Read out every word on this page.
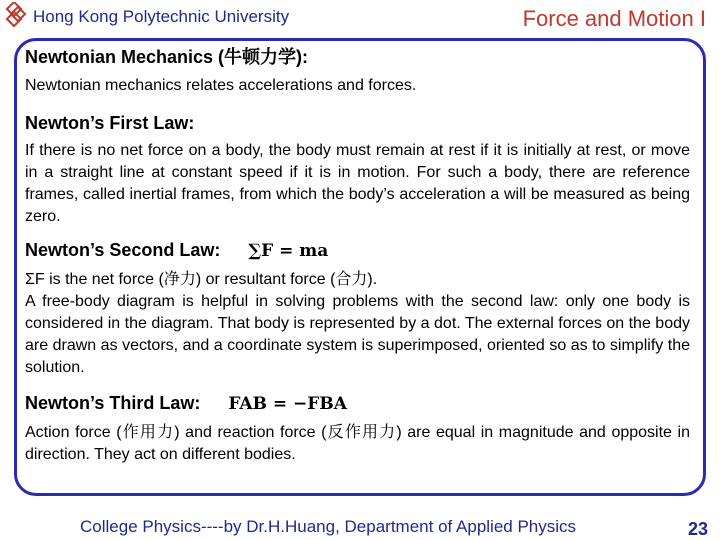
Hong Kong Polytechnic University	Force and Motion I

Newtonian Mechanics (牛顿力学):

Newtonian mechanics relates accelerations and forces.

Newton’s First Law:

If there is no net force on a body, the body must remain at rest if it is initially at rest, or move in a straight line at constant speed if it is in motion. For such a body, there are reference frames, called inertial frames, from which the body’s acceleration a will be measured as being zero.

Newton’s Second Law: ∑F = ma

ΣF is the net force (净力) or resultant force (合力).

A free-body diagram is helpful in solving problems with the second law: only one body is considered in the diagram. That body is represented by a dot. The external forces on the body are drawn as vectors, and a coordinate system is superimposed, oriented so as to simplify the solution.

Newton’s Third Law: FAB = −FBA

Action force (作用力) and reaction force (反作用力) are equal in magnitude and opposite in direction. They act on different bodies.

College Physics----by Dr.H.Huang, Department of Applied Physics	23
